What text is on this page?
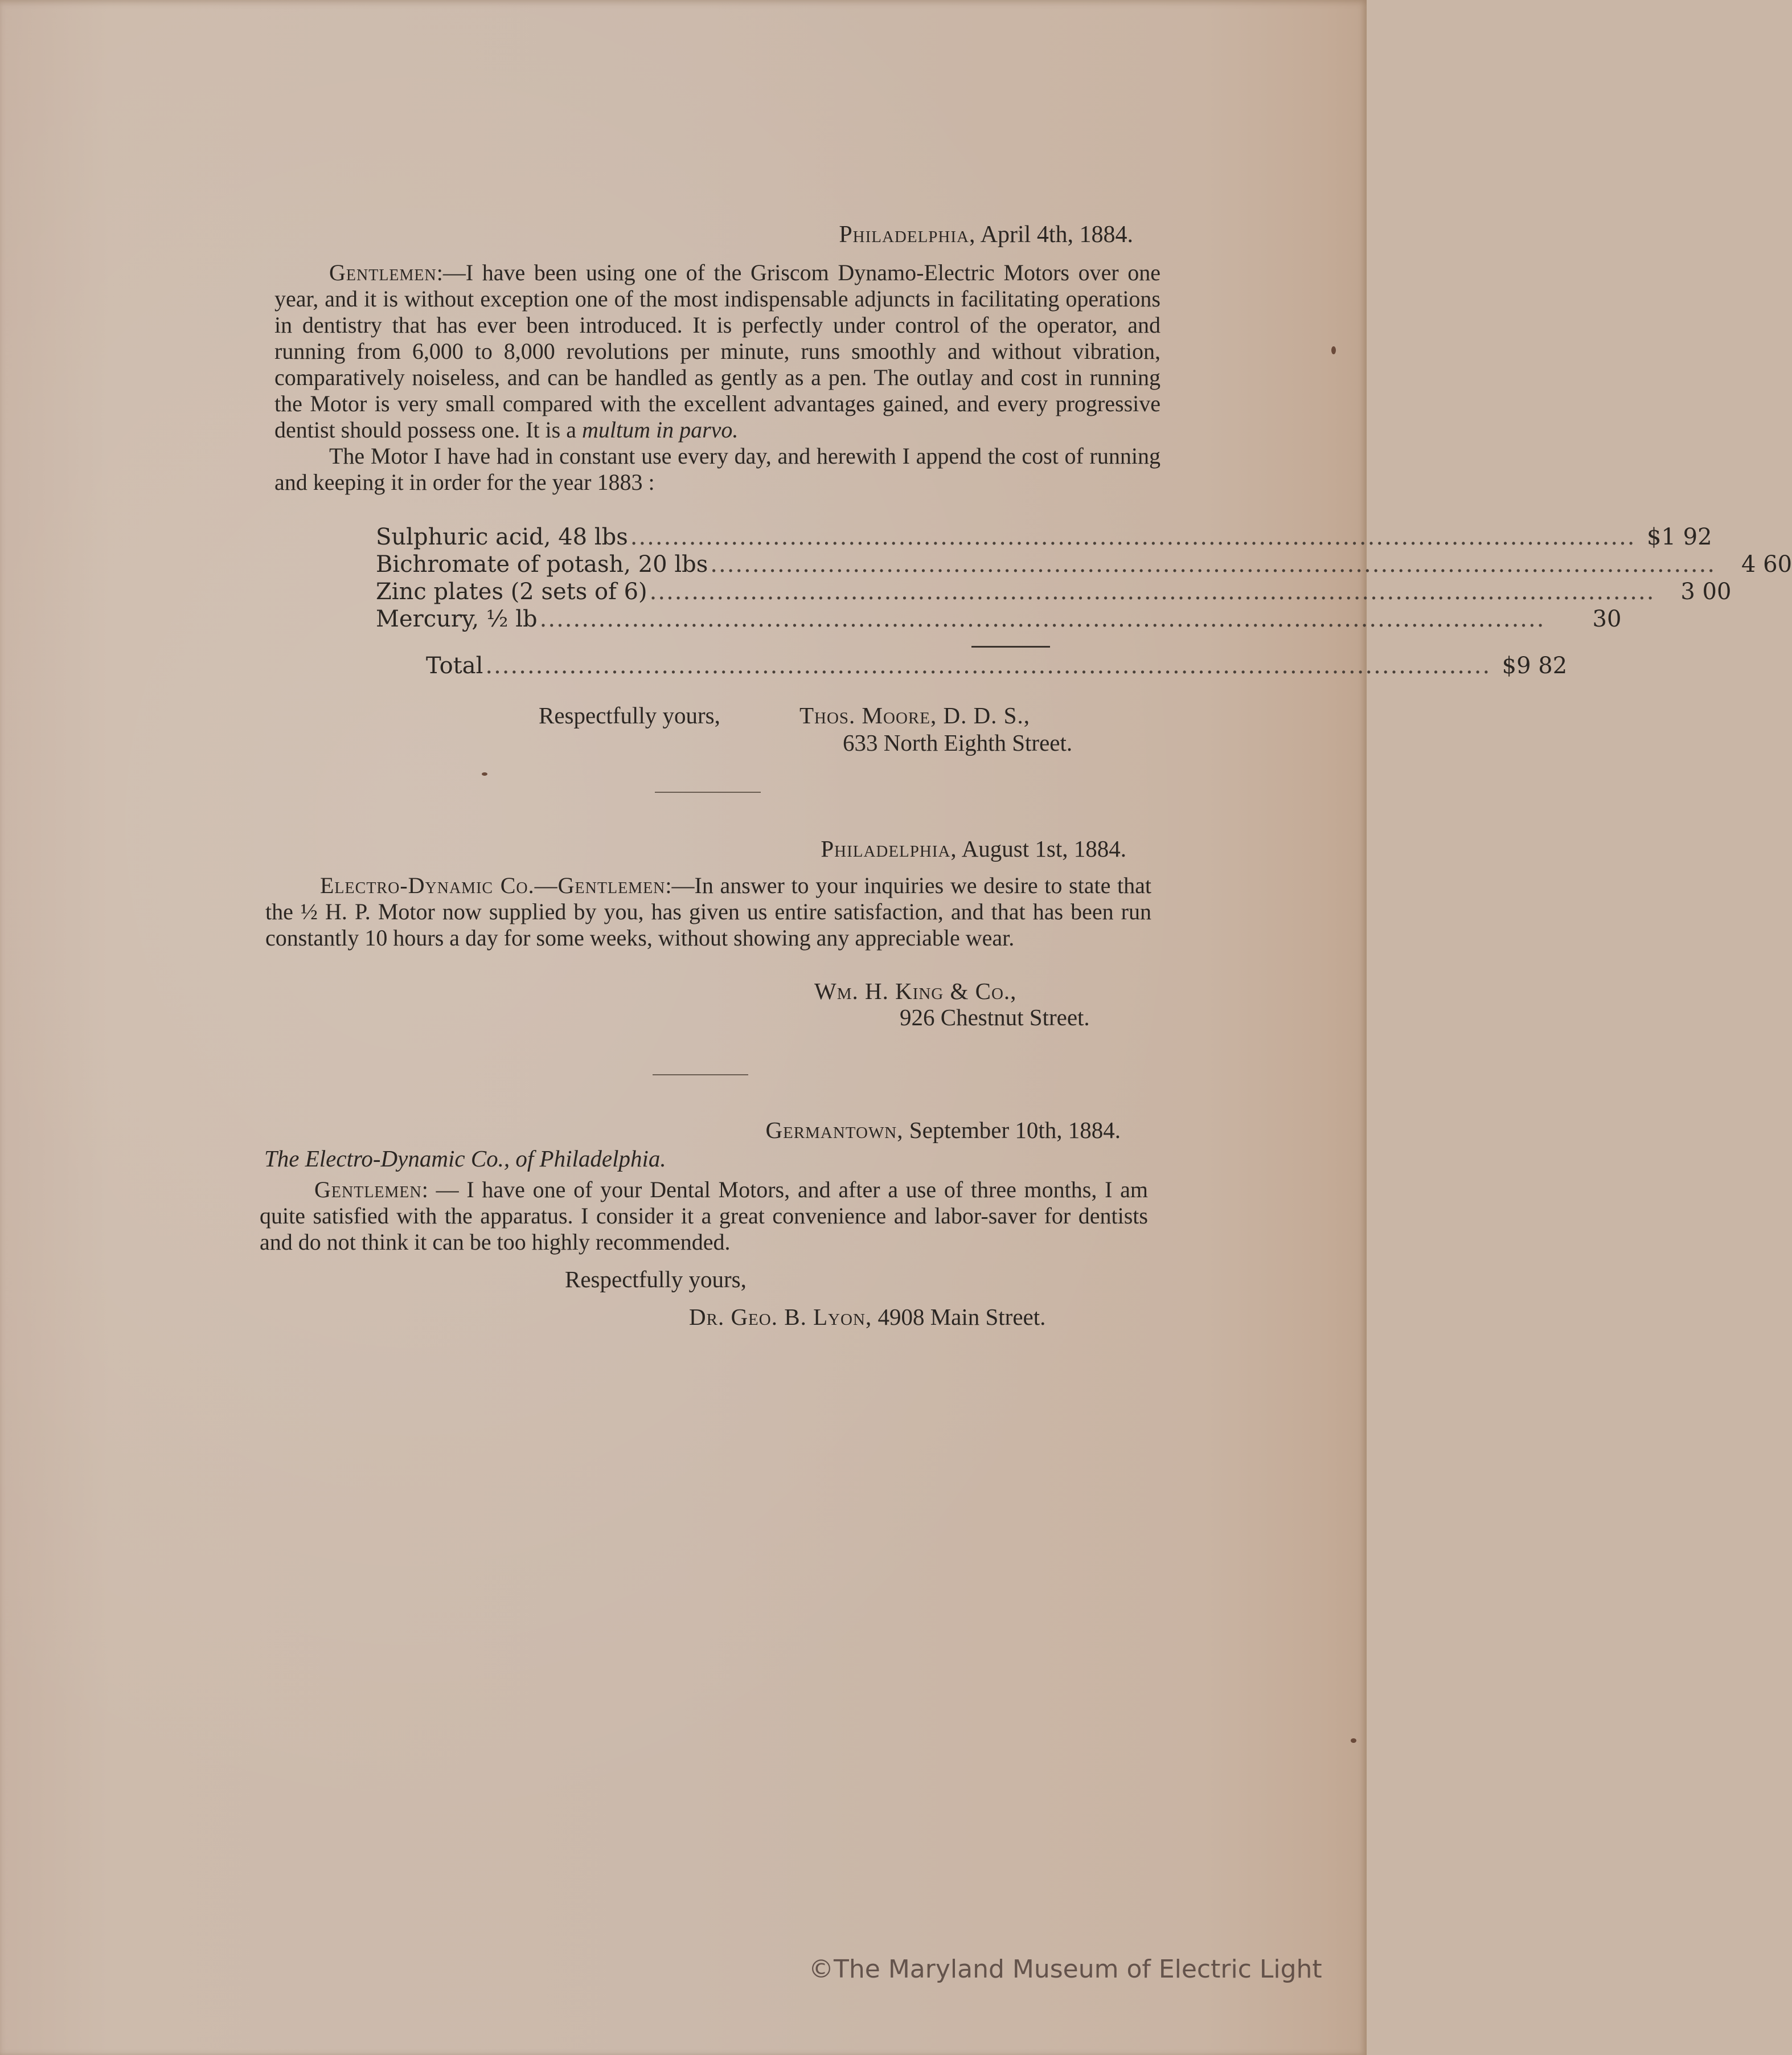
Philadelphia, April 4th, 1884.

Gentlemen:—I have been using one of the Griscom Dynamo-Electric Motors over one year, and it is without exception one of the most indispensable adjuncts in facilitating operations in dentistry that has ever been introduced. It is perfectly under control of the operator, and running from 6,000 to 8,000 revolutions per minute, runs smoothly and without vibration, comparatively noiseless, and can be handled as gently as a pen. The outlay and cost in running the Motor is very small compared with the excellent advantages gained, and every progressive dentist should possess one. It is a multum in parvo.

The Motor I have had in constant use every day, and herewith I append the cost of running and keeping it in order for the year 1883 :

Sulphuric acid, 48 lbs ........................................................................................................................ $1 92
Bichromate of potash, 20 lbs ........................................................................................................................	4 60
Zinc plates (2 sets of 6) ........................................................................................................................	3 00
Mercury, ½ lb ........................................................................................................................	30
Total ........................................................................................................................ $9 82
Respectfully yours,	Thos. Moore, D. D. S.,
633 North Eighth Street.
Philadelphia, August 1st, 1884.

Electro-Dynamic Co.—Gentlemen:—In answer to your inquiries we desire to state that the ½ H. P. Motor now supplied by you, has given us entire satisfaction, and that has been run constantly 10 hours a day for some weeks, without showing any appreciable wear.

Wm. H. King & Co.,
926 Chestnut Street.
Germantown, September 10th, 1884.
The Electro-Dynamic Co., of Philadelphia.

Gentlemen: — I have one of your Dental Motors, and after a use of three months, I am quite satisfied with the apparatus. I consider it a great convenience and labor-saver for dentists and do not think it can be too highly recommended.

Respectfully yours,
Dr. Geo. B. Lyon, 4908 Main Street.
©The Maryland Museum of Electric Light
